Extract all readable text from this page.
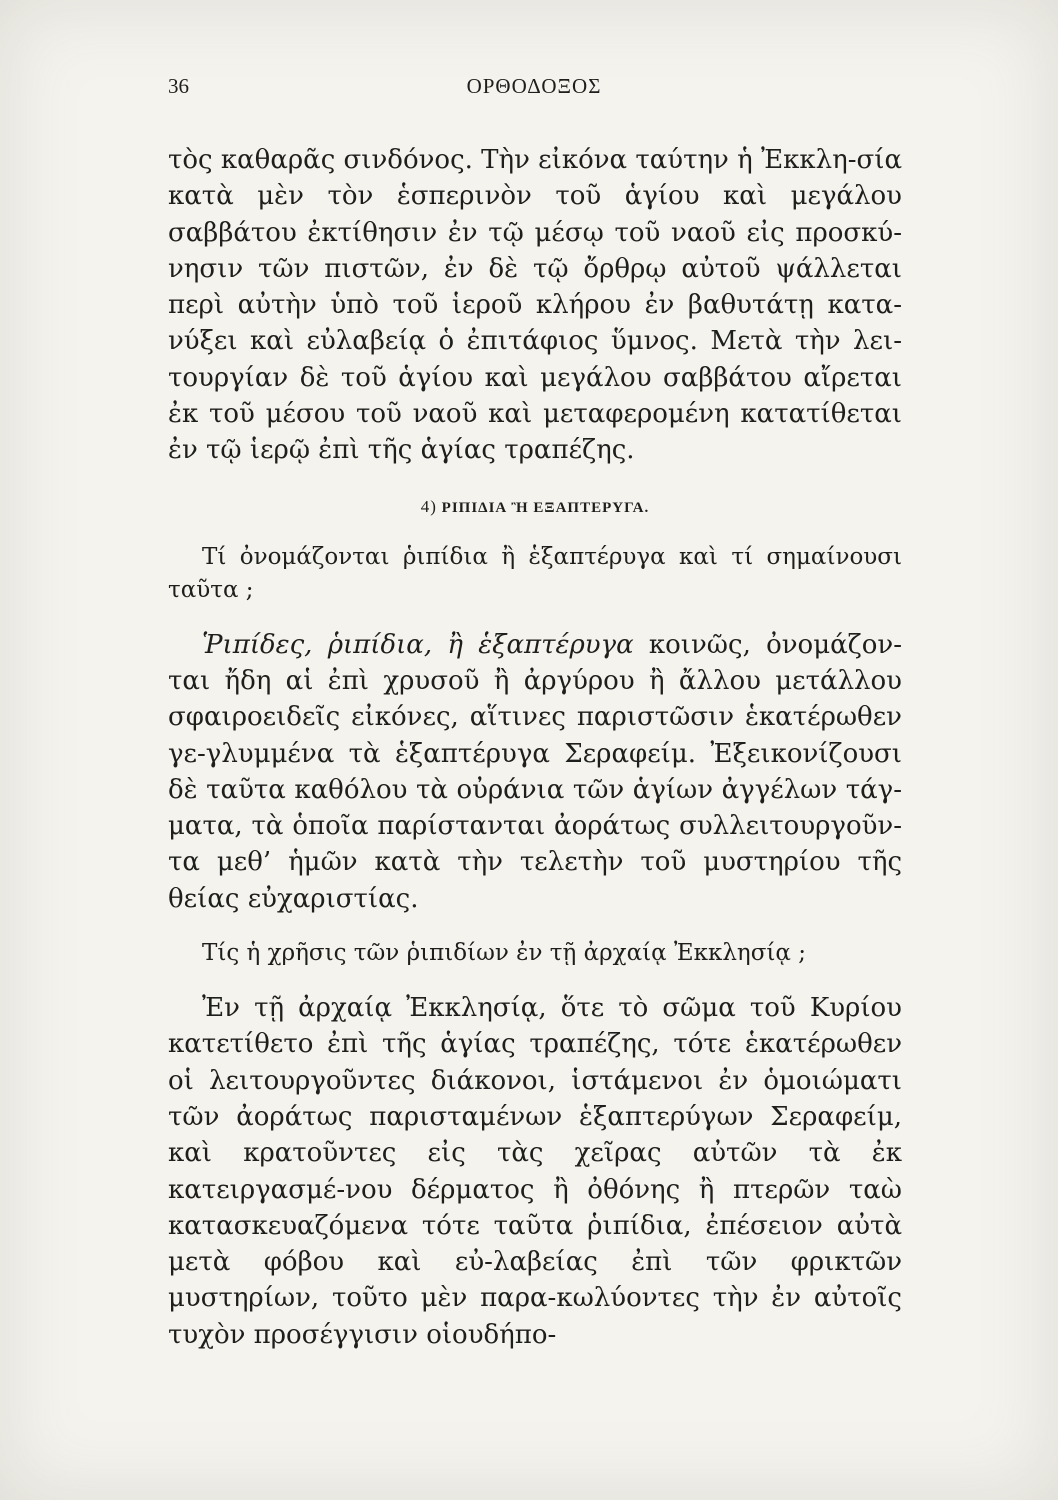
36	ΟΡΘΟΔΟΞΟΣ

τὸς καθαρᾶς σινδόνος. Τὴν εἰκόνα ταύτην ἡ Ἐκκλη-σία κατὰ μὲν τὸν ἑσπερινὸν τοῦ ἁγίου καὶ μεγάλου σαββάτου ἐκτίθησιν ἐν τῷ μέσῳ τοῦ ναοῦ εἰς προσκύ-νησιν τῶν πιστῶν, ἐν δὲ τῷ ὄρθρῳ αὐτοῦ ψάλλεται περὶ αὐτὴν ὑπὸ τοῦ ἱεροῦ κλήρου ἐν βαθυτάτῃ κατα-νύξει καὶ εὐλαβείᾳ ὁ ἐπιτάφιος ὕμνος. Μετὰ τὴν λει-τουργίαν δὲ τοῦ ἁγίου καὶ μεγάλου σαββάτου αἴρεται ἐκ τοῦ μέσου τοῦ ναοῦ καὶ μεταφερομένη κατατίθεται ἐν τῷ ἱερῷ ἐπὶ τῆς ἁγίας τραπέζης.

4) ΡΙΠΙΔΙΑ Ἢ ΕΞΑΠΤΕΡΥΓΑ.

Τί ὀνομάζονται ῥιπίδια ἢ ἑξαπτέρυγα καὶ τί σημαίνουσι ταῦτα ;

Ῥιπίδες, ῥιπίδια, ἢ ἑξαπτέρυγα κοινῶς, ὀνομάζον-ται ἤδη αἱ ἐπὶ χρυσοῦ ἢ ἀργύρου ἢ ἄλλου μετάλλου σφαιροειδεῖς εἰκόνες, αἵτινες παριστῶσιν ἑκατέρωθεν γε-γλυμμένα τὰ ἑξαπτέρυγα Σεραφείμ. Ἐξεικονίζουσι δὲ ταῦτα καθόλου τὰ οὐράνια τῶν ἁγίων ἀγγέλων τάγ-ματα, τὰ ὁποῖα παρίστανται ἀοράτως συλλειτουργοῦν-τα μεθ’ ἡμῶν κατὰ τὴν τελετὴν τοῦ μυστηρίου τῆς θείας εὐχαριστίας.

Τίς ἡ χρῆσις τῶν ῥιπιδίων ἐν τῇ ἀρχαίᾳ Ἐκκλησίᾳ ;

Ἐν τῇ ἀρχαίᾳ Ἐκκλησίᾳ, ὅτε τὸ σῶμα τοῦ Κυρίου κατετίθετο ἐπὶ τῆς ἁγίας τραπέζης, τότε ἑκατέρωθεν οἱ λειτουργοῦντες διάκονοι, ἱστάμενοι ἐν ὁμοιώματι τῶν ἀοράτως παρισταμένων ἑξαπτερύγων Σεραφείμ, καὶ κρατοῦντες εἰς τὰς χεῖρας αὐτῶν τὰ ἐκ κατειργασμέ-νου δέρματος ἢ ὀθόνης ἢ πτερῶν ταὼ κατασκευαζόμενα τότε ταῦτα ῥιπίδια, ἐπέσειον αὐτὰ μετὰ φόβου καὶ εὐ-λαβείας ἐπὶ τῶν φρικτῶν μυστηρίων, τοῦτο μὲν παρα-κωλύοντες τὴν ἐν αὐτοῖς τυχὸν προσέγγισιν οἱουδήπο-
